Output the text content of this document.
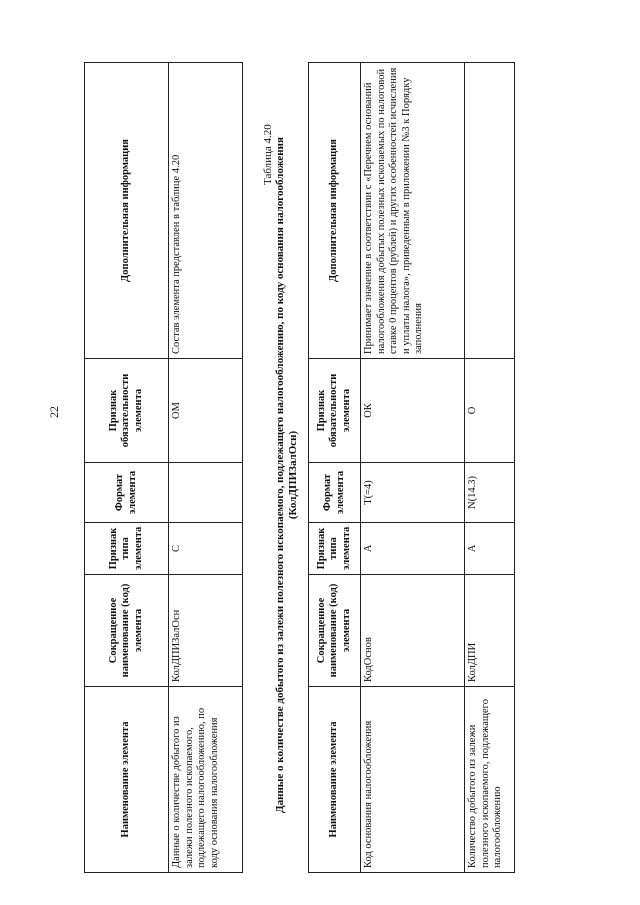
22
Наименование элемента	Сокращенное наименование (код) элемента	Признак типа элемента	Формат элемента	Признак обязательности элемента	Дополнительная информация
Данные о количестве добытого из залежи полезного ископаемого, подлежащего налогообложению, по коду основания налогообложения	КолДПИЗалОсн	С		ОМ	Состав элемента представлен в таблице 4.20
Таблица 4.20 Данные о количестве добытого из залежи полезного ископаемого, подлежащего налогообложению, по коду основания налогообложения (КолДПИЗалОсн)
Наименование элемента	Сокращенное наименование (код) элемента	Признак типа элемента	Формат элемента	Признак обязательности элемента	Дополнительная информация
Код основания налогообложения	КодОснов	А	T(=4)	ОК	Принимает значение в соответствии с «Перечнем оснований налогообложения добытых полезных ископаемых по налоговой ставке 0 процентов (рублей) и других особенностей исчисления и уплаты налога», приведенным в приложении №3 к Порядку заполнения
Количество добытого из залежи полезного ископаемого, подлежащего налогообложению	КолДПИ	А	N(14.3)	О	
